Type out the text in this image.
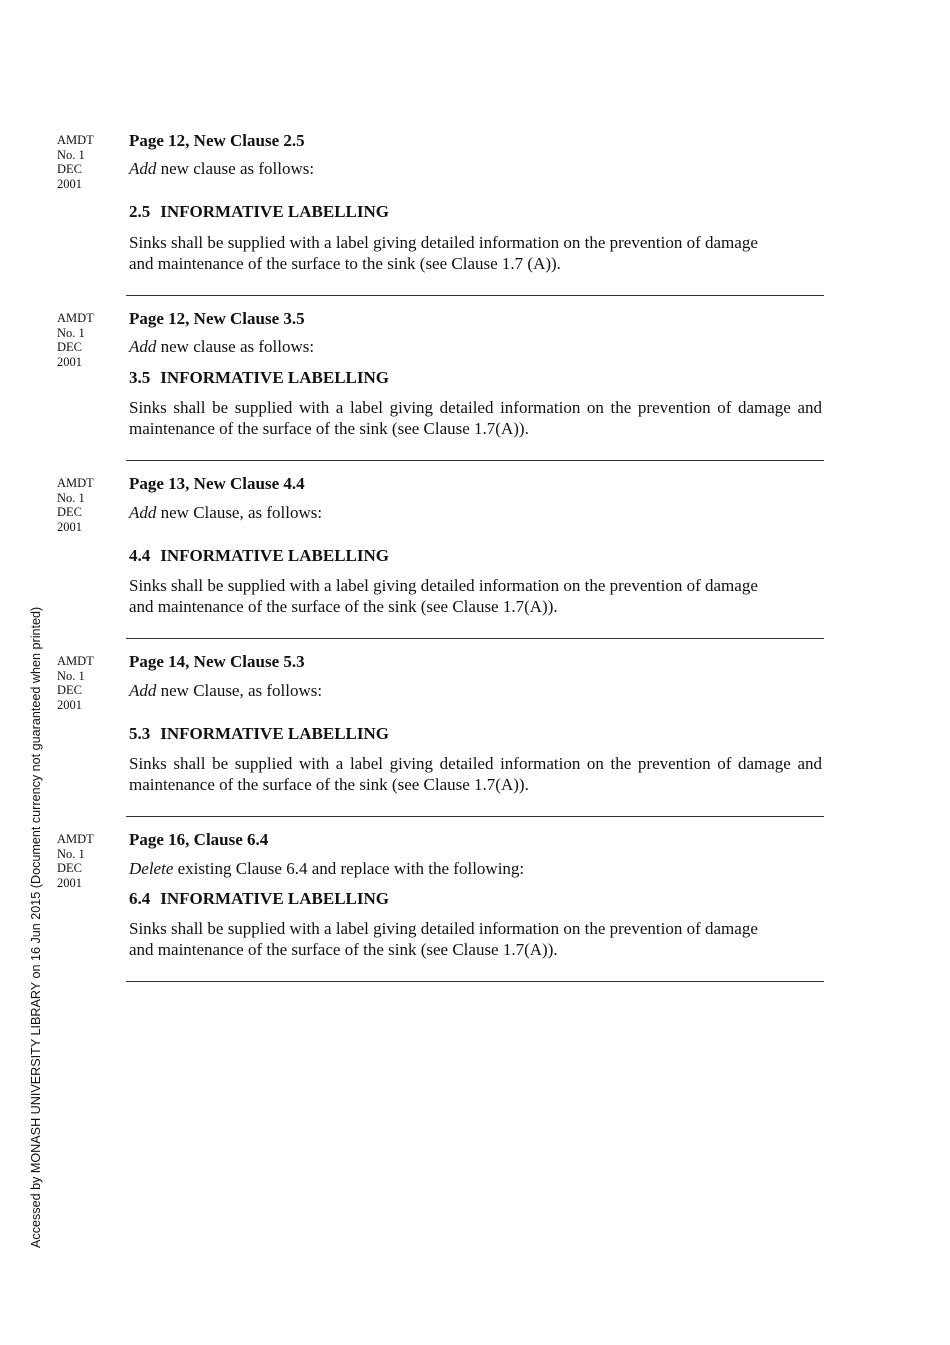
Accessed by MONASH UNIVERSITY LIBRARY on 16 Jun 2015 (Document currency not guaranteed when printed)
AMDT
No. 1
DEC
2001
Page 12, New Clause 2.5
Add new clause as follows:
2.5 INFORMATIVE LABELLING

Sinks shall be supplied with a label giving detailed information on the prevention of damage and maintenance of the surface to the sink (see Clause 1.7 (A)).

AMDT
No. 1
DEC
2001
Page 12, New Clause 3.5
Add new clause as follows:
3.5 INFORMATIVE LABELLING

Sinks shall be supplied with a label giving detailed information on the prevention of damage and maintenance of the surface of the sink (see Clause 1.7(A)).

AMDT
No. 1
DEC
2001
Page 13, New Clause 4.4
Add new Clause, as follows:
4.4 INFORMATIVE LABELLING

Sinks shall be supplied with a label giving detailed information on the prevention of damage and maintenance of the surface of the sink (see Clause 1.7(A)).

AMDT
No. 1
DEC
2001
Page 14, New Clause 5.3
Add new Clause, as follows:
5.3 INFORMATIVE LABELLING

Sinks shall be supplied with a label giving detailed information on the prevention of damage and maintenance of the surface of the sink (see Clause 1.7(A)).

AMDT
No. 1
DEC
2001
Page 16, Clause 6.4
Delete existing Clause 6.4 and replace with the following:
6.4 INFORMATIVE LABELLING

Sinks shall be supplied with a label giving detailed information on the prevention of damage and maintenance of the surface of the sink (see Clause 1.7(A)).
